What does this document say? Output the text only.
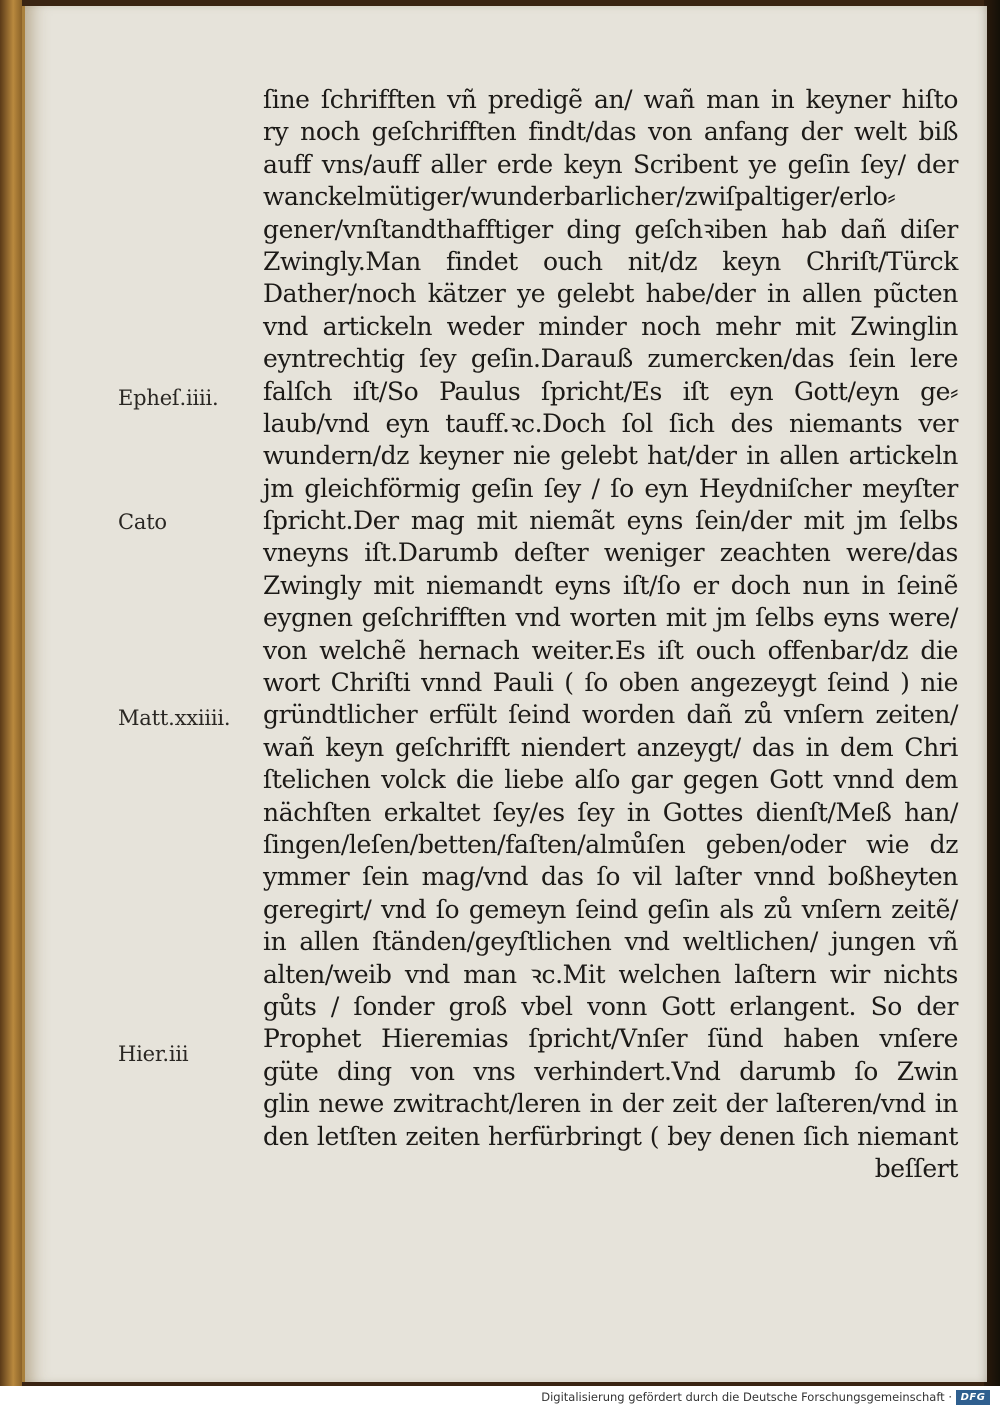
ſine ſchrifften vñ predigẽ an/ wañ man in keyner hiſto
ry noch geſchrifften findt/das von anfang der welt biß
auff vns/auff aller erde keyn Scribent ye geſin ſey/ der
wanckelmütiger/wunderbarlicher/zwiſpaltiger/erlo⸗
gener/vnſtandthafftiger ding geſchꝛiben hab dañ diſer
Zwingly.Man findet ouch nit/dz keyn Chriſt/Türck
Dather/noch kätzer ye gelebt habe/der in allen pũcten
vnd artickeln weder minder noch mehr mit Zwinglin
eyntrechtig ſey geſin.Darauß zumercken/das ſein lere
falſch iſt/So Paulus ſpricht/Es iſt eyn Gott/eyn ge⸗
laub/vnd eyn tauff.ꝛc.Doch ſol ſich des niemants ver
wundern/dz keyner nie gelebt hat/der in allen artickeln
jm gleichförmig geſin ſey / ſo eyn Heydniſcher meyſter
ſpricht.Der mag mit niemãt eyns ſein/der mit jm ſelbs
vneyns iſt.Darumb deſter weniger zeachten were/das
Zwingly mit niemandt eyns iſt/ſo er doch nun in ſeinẽ
eygnen geſchrifften vnd worten mit jm ſelbs eyns were/
von welchẽ hernach weiter.Es iſt ouch offenbar/dz die
wort Chriſti vnnd Pauli ( ſo oben angezeygt ſeind ) nie
gründtlicher erfült ſeind worden dañ zů vnſern zeiten/
wañ keyn geſchrifft niendert anzeygt/ das in dem Chri
ſtelichen volck die liebe alſo gar gegen Gott vnnd dem
nächſten erkaltet ſey/es ſey in Gottes dienſt/Meß han/
ſingen/leſen/betten/faſten/almůſen geben/oder wie dz
ymmer ſein mag/vnd das ſo vil laſter vnnd boßheyten
geregirt/ vnd ſo gemeyn ſeind geſin als zů vnſern zeitẽ/
in allen ſtänden/geyſtlichen vnd weltlichen/ jungen vñ
alten/weib vnd man ꝛc.Mit welchen laſtern wir nichts
gůts / ſonder groß vbel vonn Gott erlangent. So der
Prophet Hieremias ſpricht/Vnſer ſünd haben vnſere
güte ding von vns verhindert.Vnd darumb ſo Zwin
glin newe zwitracht/leren in der zeit der laſteren/vnd in
den letſten zeiten herfürbringt ( bey denen ſich niemant
beſſert
Epheſ.iiii.
Cato
Matt.xxiiii.
Hier.iii
Digitalisierung gefördert durch die Deutsche Forschungsgemeinschaft · DFG
